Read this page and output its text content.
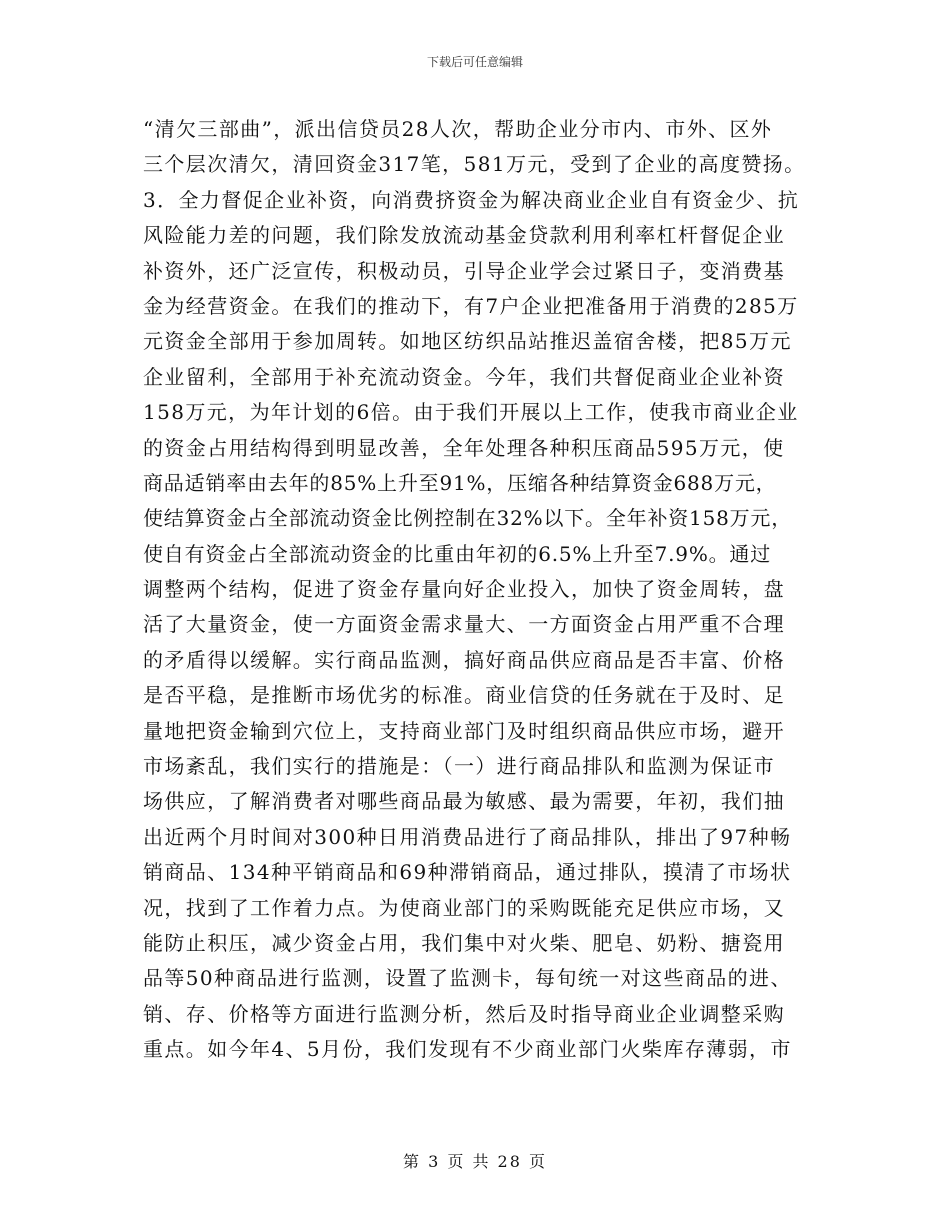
下载后可任意编辑
“清欠三部曲”，派出信贷员28人次，帮助企业分市内、市外、区外
三个层次清欠，清回资金317笔，581万元，受到了企业的高度赞扬。
3．全力督促企业补资，向消费挤资金为解决商业企业自有资金少、抗
风险能力差的问题，我们除发放流动基金贷款利用利率杠杆督促企业
补资外，还广泛宣传，积极动员，引导企业学会过紧日子，变消费基
金为经营资金。在我们的推动下，有7户企业把准备用于消费的285万
元资金全部用于参加周转。如地区纺织品站推迟盖宿舍楼，把85万元
企业留利，全部用于补充流动资金。今年，我们共督促商业企业补资
158万元，为年计划的6倍。由于我们开展以上工作，使我市商业企业
的资金占用结构得到明显改善，全年处理各种积压商品595万元，使
商品适销率由去年的85%上升至91%，压缩各种结算资金688万元，
使结算资金占全部流动资金比例控制在32%以下。全年补资158万元，
使自有资金占全部流动资金的比重由年初的6.5%上升至7.9%。通过
调整两个结构，促进了资金存量向好企业投入，加快了资金周转，盘
活了大量资金，使一方面资金需求量大、一方面资金占用严重不合理
的矛盾得以缓解。实行商品监测，搞好商品供应商品是否丰富、价格
是否平稳，是推断市场优劣的标准。商业信贷的任务就在于及时、足
量地把资金输到穴位上，支持商业部门及时组织商品供应市场，避开
市场紊乱，我们实行的措施是：（一）进行商品排队和监测为保证市
场供应，了解消费者对哪些商品最为敏感、最为需要，年初，我们抽
出近两个月时间对300种日用消费品进行了商品排队，排出了97种畅
销商品、134种平销商品和69种滞销商品，通过排队，摸清了市场状
况，找到了工作着力点。为使商业部门的采购既能充足供应市场，又
能防止积压，减少资金占用，我们集中对火柴、肥皂、奶粉、搪瓷用
品等50种商品进行监测，设置了监测卡，每旬统一对这些商品的进、
销、存、价格等方面进行监测分析，然后及时指导商业企业调整采购
重点。如今年4、5月份，我们发现有不少商业部门火柴库存薄弱，市
第 3 页 共 28 页
